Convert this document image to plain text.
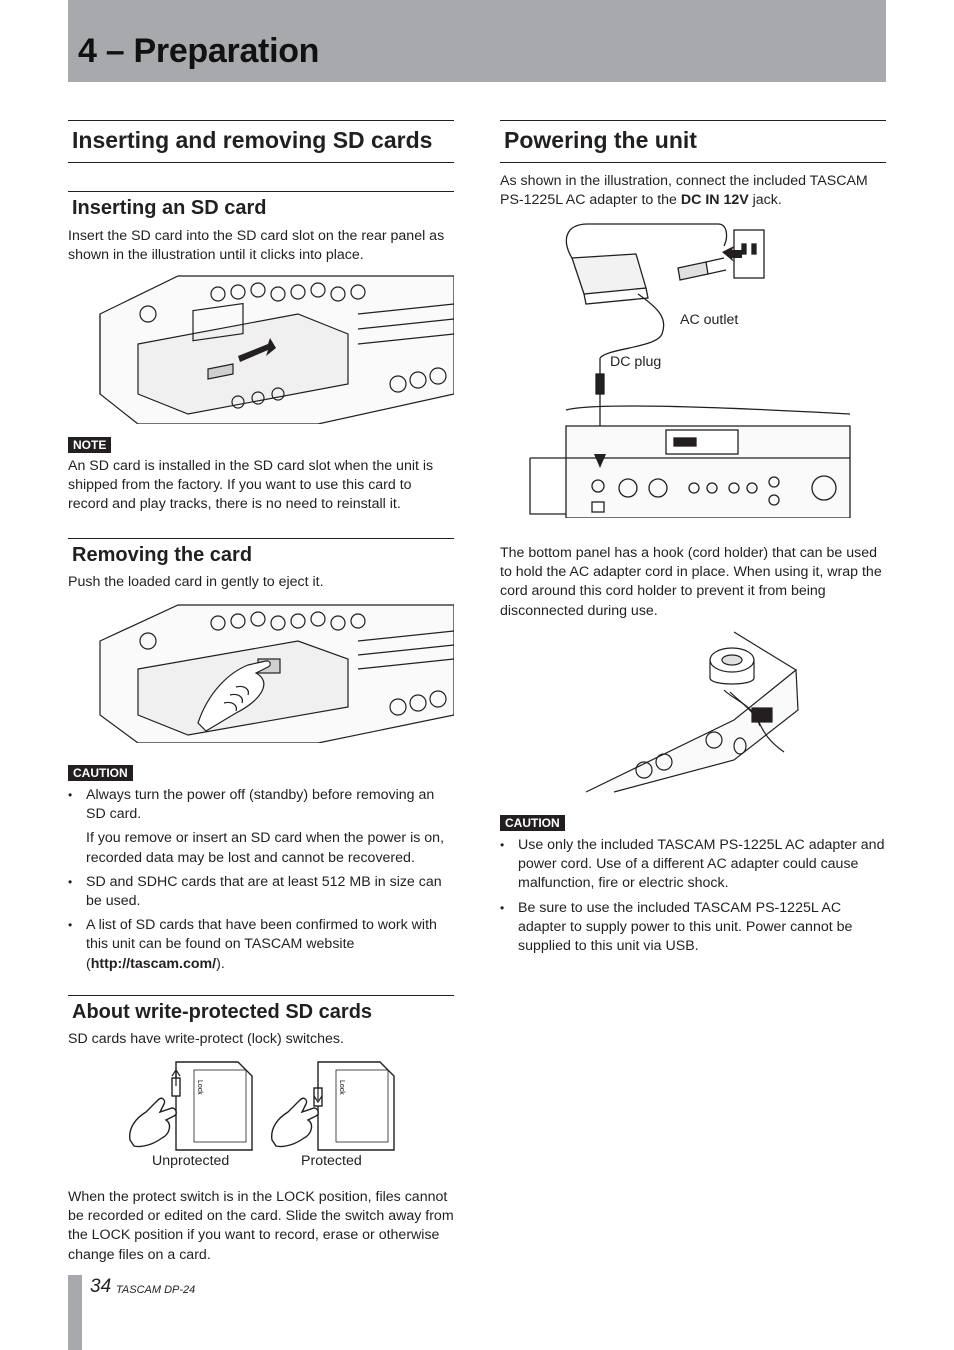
4 – Preparation
Inserting and removing SD cards
Inserting an SD card

Insert the SD card into the SD card slot on the rear panel as shown in the illustration until it clicks into place.

NOTE

An SD card is installed in the SD card slot when the unit is shipped from the factory. If you want to use this card to record and play tracks, there is no need to reinstall it.

Removing the card

Push the loaded card in gently to eject it.

CAUTION
• Always turn the power off (standby) before removing an SD card.
If you remove or insert an SD card when the power is on, recorded data may be lost and cannot be recovered.
• SD and SDHC cards that are at least 512 MB in size can be used.
• A list of SD cards that have been confirmed to work with this unit can be found on TASCAM website (http://tascam.com/).
About write-protected SD cards

SD cards have write-protect (lock) switches.

Lock	Lock
Unprotected	Protected

When the protect switch is in the LOCK position, files cannot be recorded or edited on the card. Slide the switch away from the LOCK position if you want to record, erase or otherwise change files on a card.

Powering the unit

As shown in the illustration, connect the included TASCAM PS-1225L AC adapter to the DC IN 12V jack.

AC outlet
DC plug

The bottom panel has a hook (cord holder) that can be used to hold the AC adapter cord in place. When using it, wrap the cord around this cord holder to prevent it from being disconnected during use.

CAUTION
• Use only the included TASCAM PS-1225L AC adapter and power cord. Use of a different AC adapter could cause malfunction, fire or electric shock.
• Be sure to use the included TASCAM PS-1225L AC adapter to supply power to this unit. Power cannot be supplied to this unit via USB.
34 TASCAM DP-24
